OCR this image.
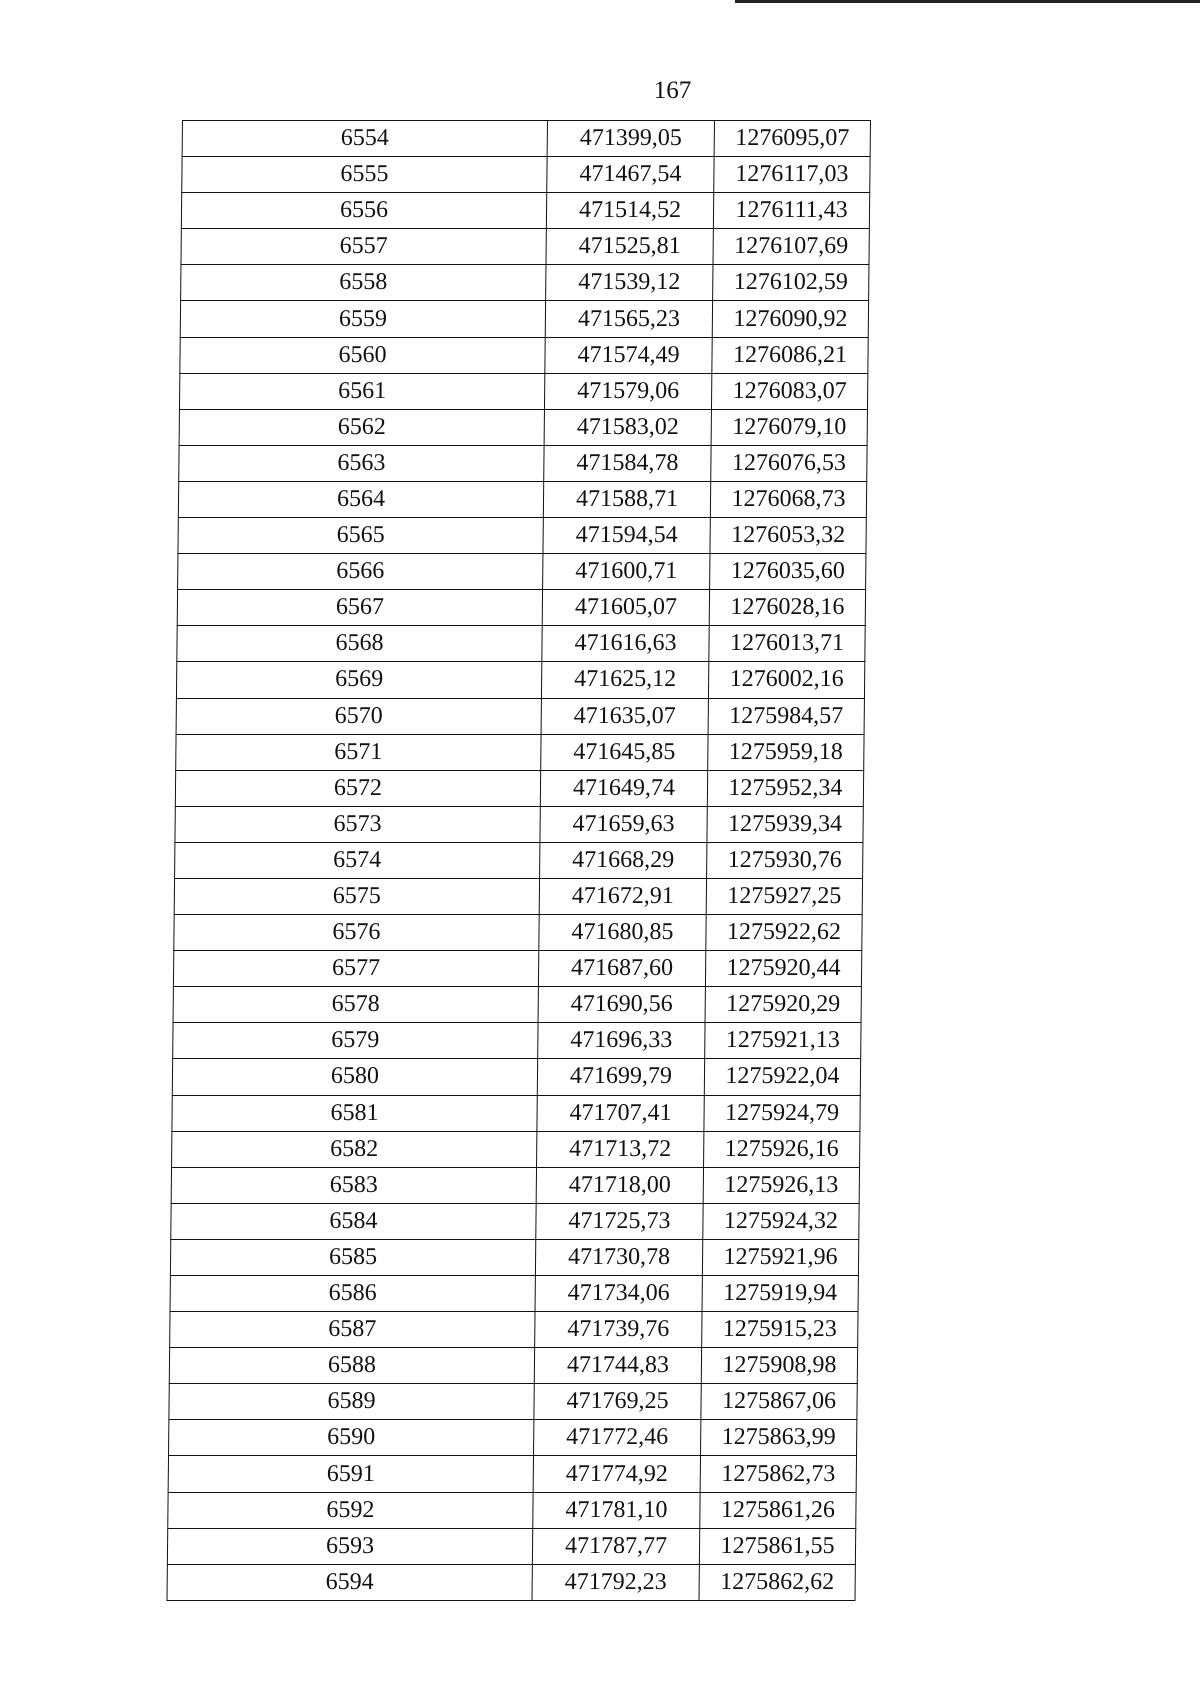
167
6554	471399,05	1276095,07
6555	471467,54	1276117,03
6556	471514,52	1276111,43
6557	471525,81	1276107,69
6558	471539,12	1276102,59
6559	471565,23	1276090,92
6560	471574,49	1276086,21
6561	471579,06	1276083,07
6562	471583,02	1276079,10
6563	471584,78	1276076,53
6564	471588,71	1276068,73
6565	471594,54	1276053,32
6566	471600,71	1276035,60
6567	471605,07	1276028,16
6568	471616,63	1276013,71
6569	471625,12	1276002,16
6570	471635,07	1275984,57
6571	471645,85	1275959,18
6572	471649,74	1275952,34
6573	471659,63	1275939,34
6574	471668,29	1275930,76
6575	471672,91	1275927,25
6576	471680,85	1275922,62
6577	471687,60	1275920,44
6578	471690,56	1275920,29
6579	471696,33	1275921,13
6580	471699,79	1275922,04
6581	471707,41	1275924,79
6582	471713,72	1275926,16
6583	471718,00	1275926,13
6584	471725,73	1275924,32
6585	471730,78	1275921,96
6586	471734,06	1275919,94
6587	471739,76	1275915,23
6588	471744,83	1275908,98
6589	471769,25	1275867,06
6590	471772,46	1275863,99
6591	471774,92	1275862,73
6592	471781,10	1275861,26
6593	471787,77	1275861,55
6594	471792,23	1275862,62
